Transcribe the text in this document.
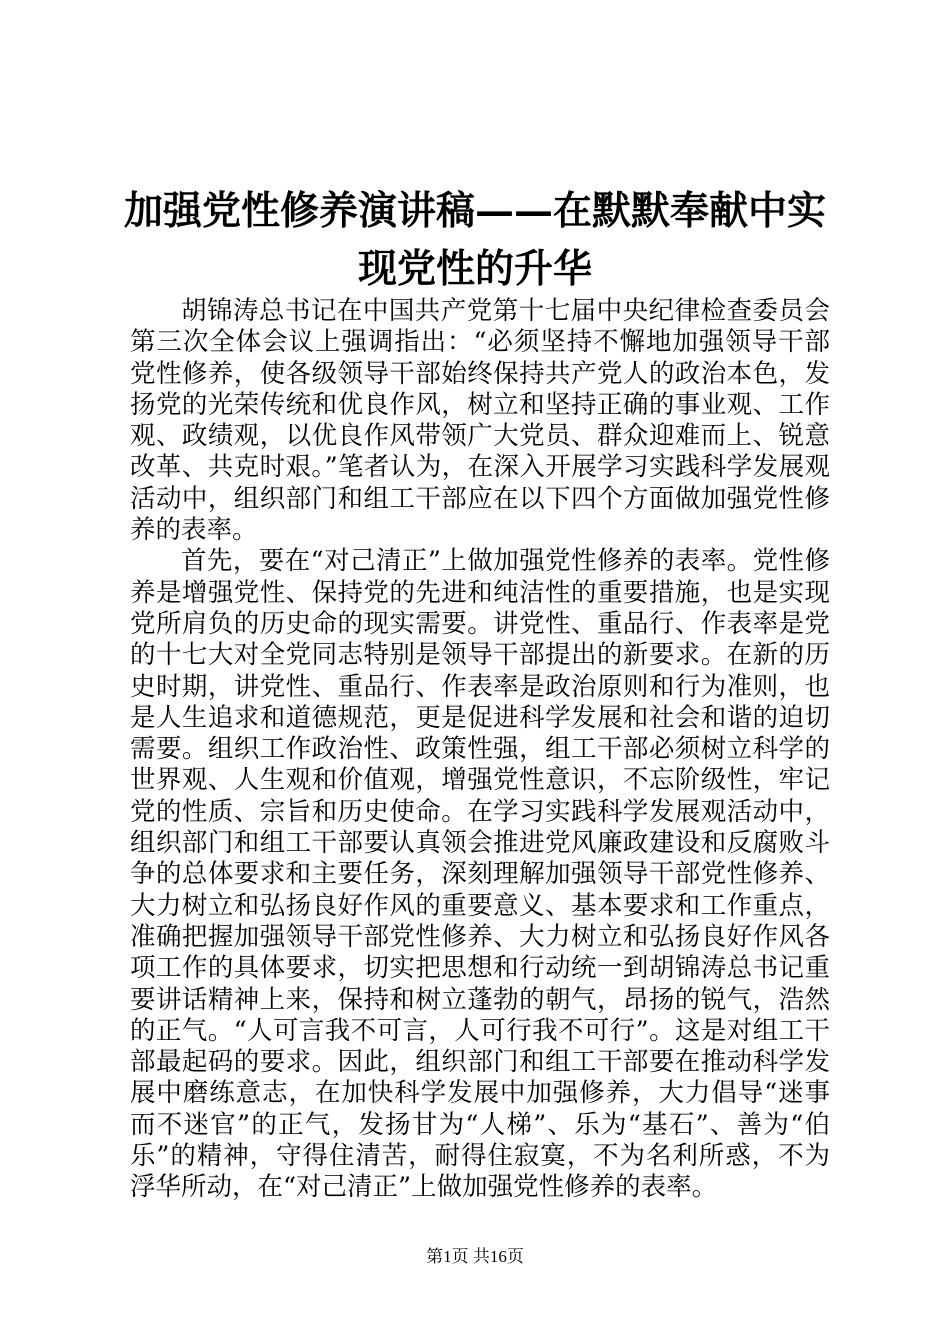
加强党性修养演讲稿——在默默奉献中实现党性的升华

胡锦涛总书记在中国共产党第十七届中央纪律检查委员会第三次全体会议上强调指出：“必须坚持不懈地加强领导干部党性修养，使各级领导干部始终保持共产党人的政治本色，发扬党的光荣传统和优良作风，树立和坚持正确的事业观、工作观、政绩观，以优良作风带领广大党员、群众迎难而上、锐意改革、共克时艰。”笔者认为，在深入开展学习实践科学发展观活动中，组织部门和组工干部应在以下四个方面做加强党性修养的表率。

首先，要在“对己清正”上做加强党性修养的表率。党性修养是增强党性、保持党的先进和纯洁性的重要措施，也是实现党所肩负的历史命的现实需要。讲党性、重品行、作表率是党的十七大对全党同志特别是领导干部提出的新要求。在新的历史时期，讲党性、重品行、作表率是政治原则和行为准则，也是人生追求和道德规范，更是促进科学发展和社会和谐的迫切需要。组织工作政治性、政策性强，组工干部必须树立科学的世界观、人生观和价值观，增强党性意识，不忘阶级性，牢记党的性质、宗旨和历史使命。在学习实践科学发展观活动中，组织部门和组工干部要认真领会推进党风廉政建设和反腐败斗争的总体要求和主要任务，深刻理解加强领导干部党性修养、大力树立和弘扬良好作风的重要意义、基本要求和工作重点，准确把握加强领导干部党性修养、大力树立和弘扬良好作风各项工作的具体要求，切实把思想和行动统一到胡锦涛总书记重要讲话精神上来，保持和树立蓬勃的朝气，昂扬的锐气，浩然的正气。“人可言我不可言，人可行我不可行”。这是对组工干部最起码的要求。因此，组织部门和组工干部要在推动科学发展中磨练意志，在加快科学发展中加强修养，大力倡导“迷事而不迷官”的正气，发扬甘为“人梯”、乐为“基石”、善为“伯乐”的精神，守得住清苦，耐得住寂寞，不为名利所惑，不为浮华所动，在“对己清正”上做加强党性修养的表率。

第1页 共16页
